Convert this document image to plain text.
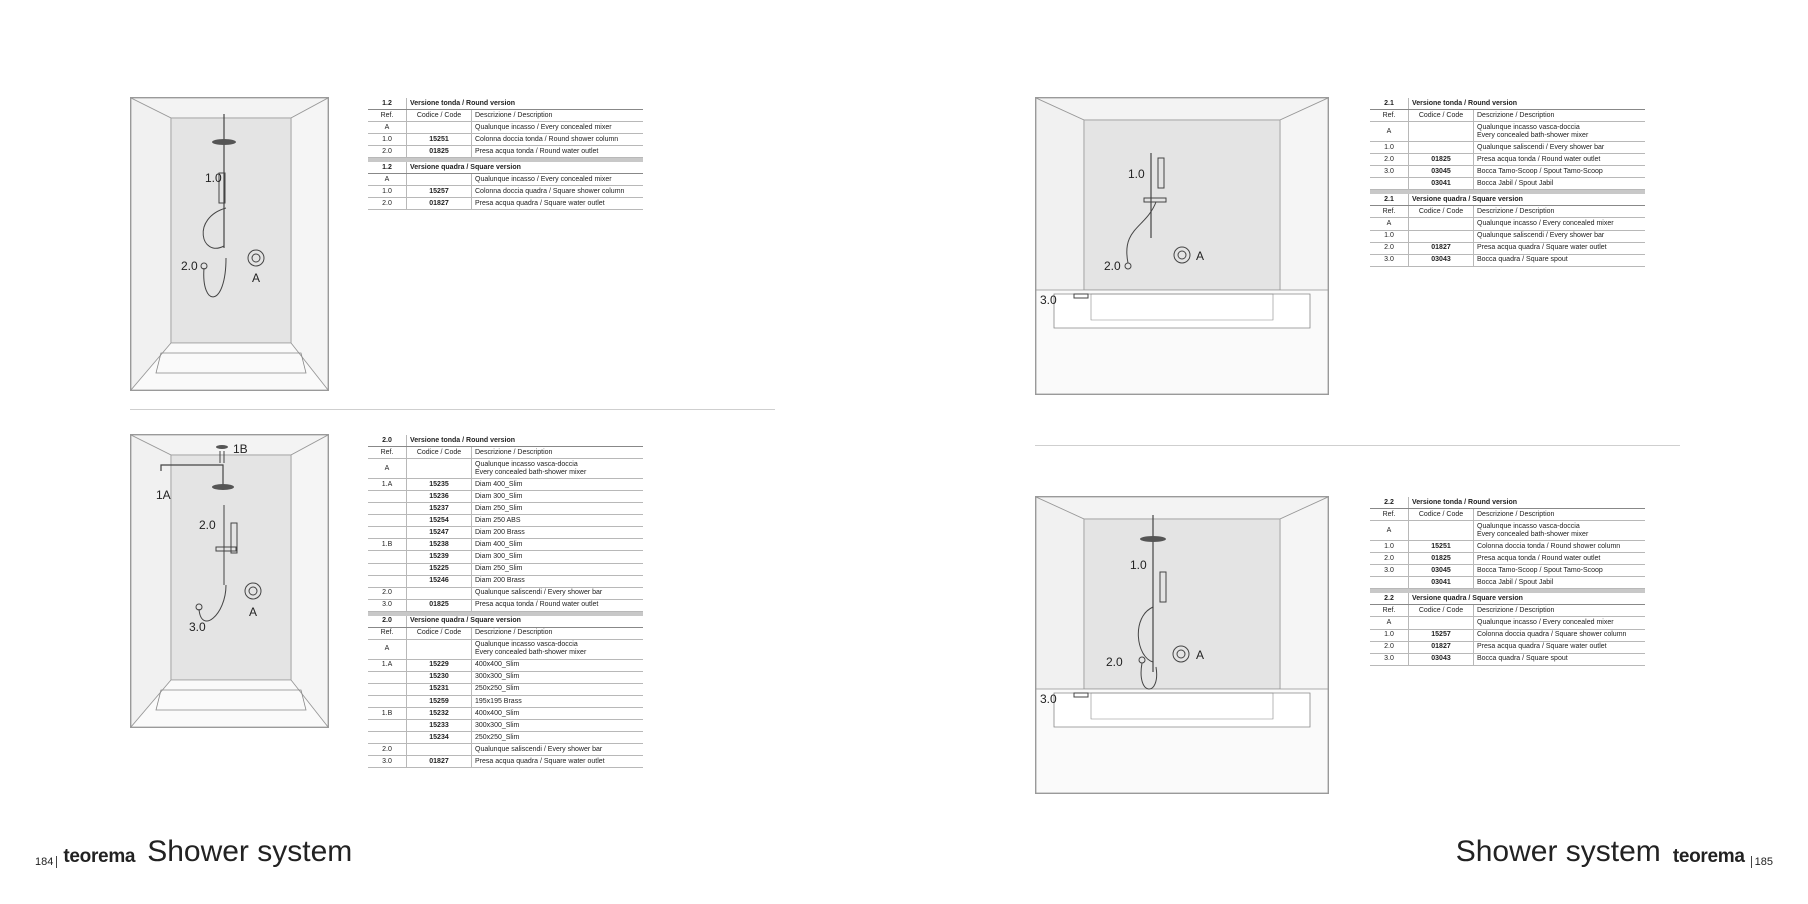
1.0
2.0
A
1.2	Versione tonda / Round version	
Ref.	Codice / Code	Descrizione / Description
A		Qualunque incasso / Every concealed mixer
1.0	15251	Colonna doccia tonda / Round shower column
2.0	01825	Presa acqua tonda / Round water outlet

1.2	Versione quadra / Square version	
A		Qualunque incasso / Every concealed mixer
1.0	15257	Colonna doccia quadra / Square shower column
2.0	01827	Presa acqua quadra / Square water outlet
1B
1A
2.0
3.0
A
2.0	Versione tonda / Round version	
Ref.	Codice / Code	Descrizione / Description
A		Qualunque incasso vasca-doccia
Every concealed bath-shower mixer
1.A	15235	Diam 400_Slim
	15236	Diam 300_Slim
	15237	Diam 250_Slim
	15254	Diam 250 ABS
	15247	Diam 200 Brass
1.B	15238	Diam 400_Slim
	15239	Diam 300_Slim
	15225	Diam 250_Slim
	15246	Diam 200 Brass
2.0		Qualunque saliscendi / Every shower bar
3.0	01825	Presa acqua tonda / Round water outlet

2.0	Versione quadra / Square version	
Ref.	Codice / Code	Descrizione / Description
A		Qualunque incasso vasca-doccia
Every concealed bath-shower mixer
1.A	15229	400x400_Slim
	15230	300x300_Slim
	15231	250x250_Slim
	15259	195x195 Brass
1.B	15232	400x400_Slim
	15233	300x300_Slim
	15234	250x250_Slim
2.0		Qualunque saliscendi / Every shower bar
3.0	01827	Presa acqua quadra / Square water outlet
184 teorema Shower system
1.0
2.0
A
3.0
2.1	Versione tonda / Round version	
Ref.	Codice / Code	Descrizione / Description
A		Qualunque incasso vasca-doccia
Every concealed bath-shower mixer
1.0		Qualunque saliscendi / Every shower bar
2.0	01825	Presa acqua tonda / Round water outlet
3.0	03045	Bocca Tamo-Scoop / Spout Tamo-Scoop
	03041	Bocca Jabil / Spout Jabil

2.1	Versione quadra / Square version	
Ref.	Codice / Code	Descrizione / Description
A		Qualunque incasso / Every concealed mixer
1.0		Qualunque saliscendi / Every shower bar
2.0	01827	Presa acqua quadra / Square water outlet
3.0	03043	Bocca quadra / Square spout
1.0
2.0	A
3.0
2.2	Versione tonda / Round version	
Ref.	Codice / Code	Descrizione / Description
A		Qualunque incasso vasca-doccia
Every concealed bath-shower mixer
1.0	15251	Colonna doccia tonda / Round shower column
2.0	01825	Presa acqua tonda / Round water outlet
3.0	03045	Bocca Tamo-Scoop / Spout Tamo-Scoop
	03041	Bocca Jabil / Spout Jabil

2.2	Versione quadra / Square version	
Ref.	Codice / Code	Descrizione / Description
A		Qualunque incasso / Every concealed mixer
1.0	15257	Colonna doccia quadra / Square shower column
2.0	01827	Presa acqua quadra / Square water outlet
3.0	03043	Bocca quadra / Square spout
Shower system teorema 185
